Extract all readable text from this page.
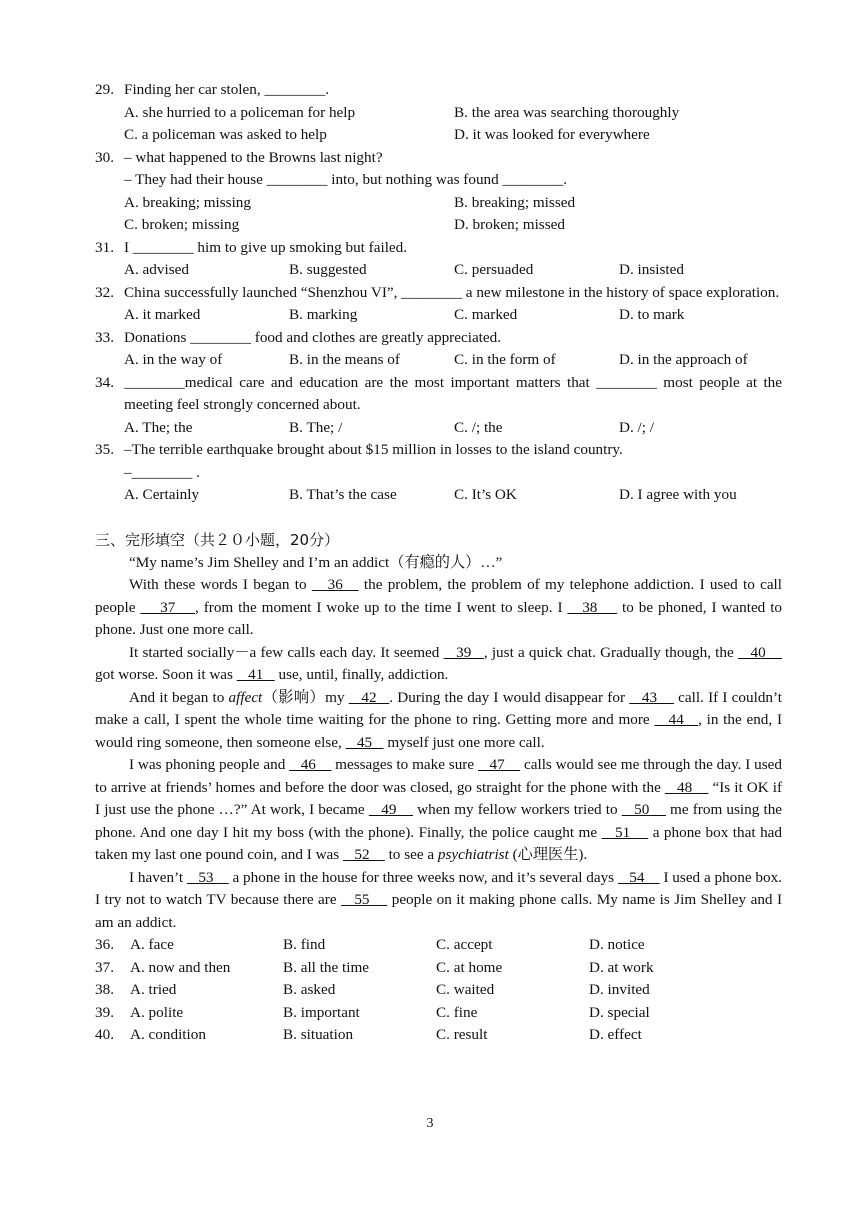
29. Finding her car stolen, ________.
A. she hurried to a policeman for help	B. the area was searching thoroughly
C. a policeman was asked to help	D. it was looked for everywhere
30. – what happened to the Browns last night?
– They had their house ________ into, but nothing was found ________.
A. breaking; missing	B. breaking; missed
C. broken; missing	D. broken; missed
31. I ________ him to give up smoking but failed.
A. advised	B. suggested	C. persuaded	D. insisted
32. China successfully launched “Shenzhou VI”, ________ a new milestone in the history of space exploration.
A. it marked	B. marking	C. marked	D. to mark
33. Donations ________ food and clothes are greatly appreciated.
A. in the way of	B. in the means of	C. in the form of	D. in the approach of
34. ________medical care and education are the most important matters that ________ most people at the meeting feel strongly concerned about.
A. The; the	B. The; /	C. /; the	D. /; /
35. –The terrible earthquake brought about $15 million in losses to the island country.
–________ .
A. Certainly	B. That’s the case	C. It’s OK	D. I agree with you
三、完形填空（共２０小题，20分）
“My name’s Jim Shelley and I’m an addict（有瘾的人）…”
With these words I began to    36    the problem, the problem of my telephone addiction. I used to call people     37    , from the moment I woke up to the time I went to sleep. I    38     to be phoned, I wanted to phone. Just one more call.
It started socially－a few calls each day. It seemed    39   , just a quick chat. Gradually though, the    40     got worse. Soon it was    41    use, until, finally, addiction.
And it began to affect（影响）my    42   . During the day I would disappear for    43     call. If I couldn’t make a call, I spent the whole time waiting for the phone to ring. Getting more and more    44   , in the end, I would ring someone, then someone else,    45    myself just one more call.
I was phoning people and    46     messages to make sure    47     calls would see me through the day. I used to arrive at friends’ homes and before the door was closed, go straight for the phone with the    48     “Is it OK if I just use the phone …?” At work, I became    49     when my fellow workers tried to    50     me from using the phone. And one day I hit my boss (with the phone). Finally, the police caught me    51     a phone box that had taken my last one pound coin, and I was    52     to see a psychiatrist (心理医生).
I haven’t    53     a phone in the house for three weeks now, and it’s several days    54     I used a phone box. I try not to watch TV because there are    55     people on it making phone calls. My name is Jim Shelley and I am an addict.
36.	A. face	B. find	C. accept	D. notice
37.	A. now and then	B. all the time	C. at home	D. at work
38.	A. tried	B. asked	C. waited	D. invited
39.	A. polite	B. important	C. fine	D. special
40.	A. condition	B. situation	C. result	D. effect
3
